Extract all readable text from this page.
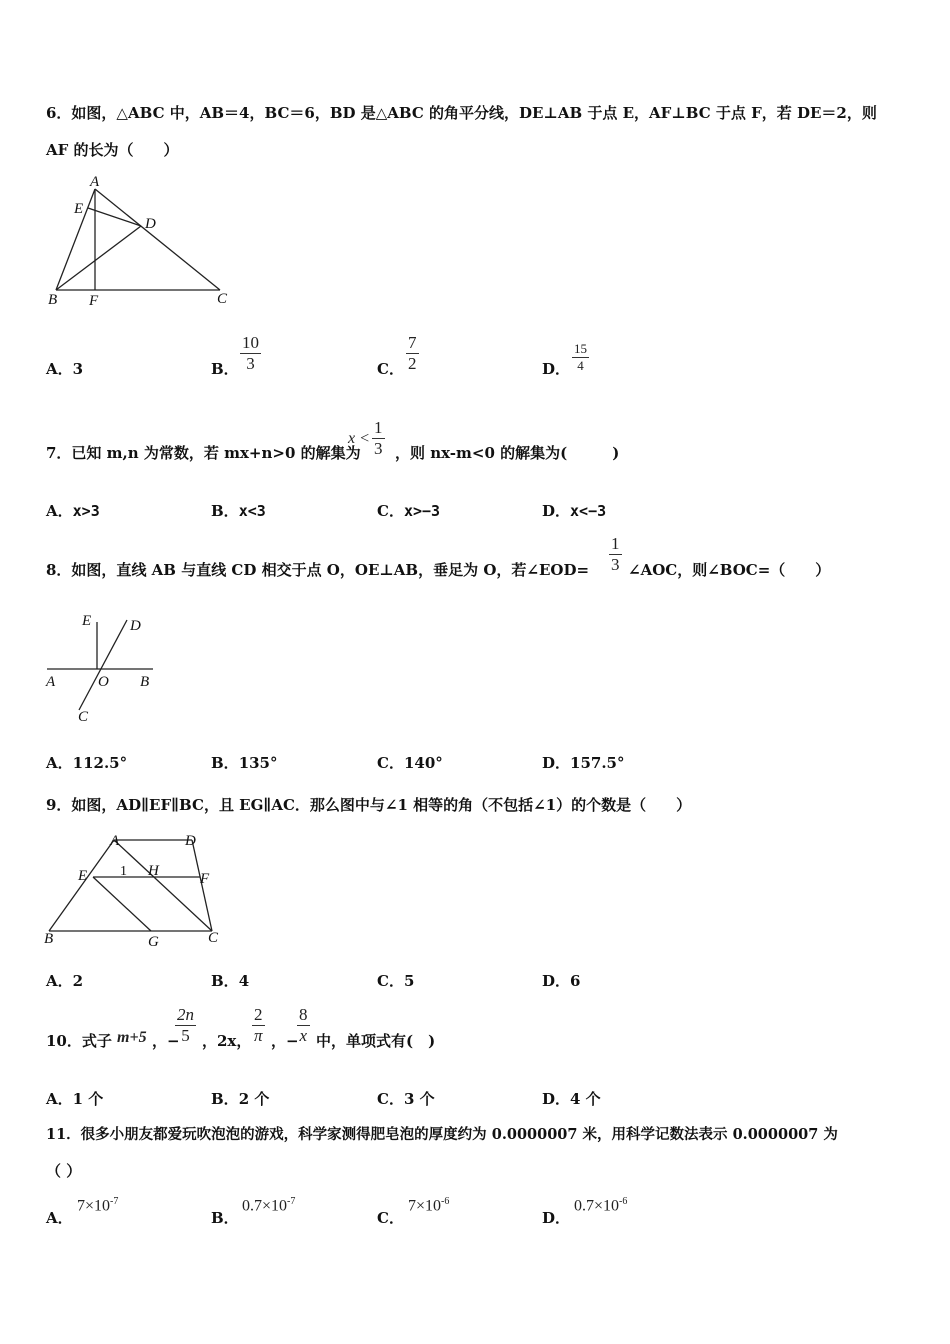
6．如图，△ABC 中，AB＝4，BC＝6，BD 是△ABC 的角平分线，DE⊥AB 于点 E，AF⊥BC 于点 F，若 DE＝2，则
AF 的长为（　　）
A
E
D
B F	C
A．3	B． $\frac{10}{3}$	C． $\frac{7}{2}$	D． $\frac{15}{4}$
7．已知 m,n 为常数，若 mx+n>0 的解集为
$x < \frac{1}{3}$ ，则 nx-m<0 的解集为(　　　)
A．x>3	B．x<3	C．x>−3	D．x<−3
8．如图，直线 AB 与直线 CD 相交于点 O，OE⊥AB，垂足为 O，若∠EOD= $\frac{1}{3}$ ∠AOC，则∠BOC=（　　）
E	D
A	O B
C
A．112.5°	B．135°	C．140°	D．157.5°
9．如图，AD∥EF∥BC，且 EG∥AC．那么图中与∠1 相等的角（不包括∠1）的个数是（　　）
A	D
E 1 H	F
B	G	C
A．2	B．4	C．5	D．6
10．式子 m+5 ，−
$\frac{2n}{5}$ ，2x， $\frac{2}{\pi}$ ，−
$\frac{8}{x}$ 中，单项式有(　)
A．1 个	B．2 个	C．3 个	D．4 个
11．很多小朋友都爱玩吹泡泡的游戏，科学家测得肥皂泡的厚度约为 0.0000007 米，用科学记数法表示 0.0000007 为
（ ）
A．
$7\times 10^{-7}$
B．
$0.7\times 10^{-7}$
C．
$7\times 10^{-6}$
D．
$0.7\times 10^{-6}$
